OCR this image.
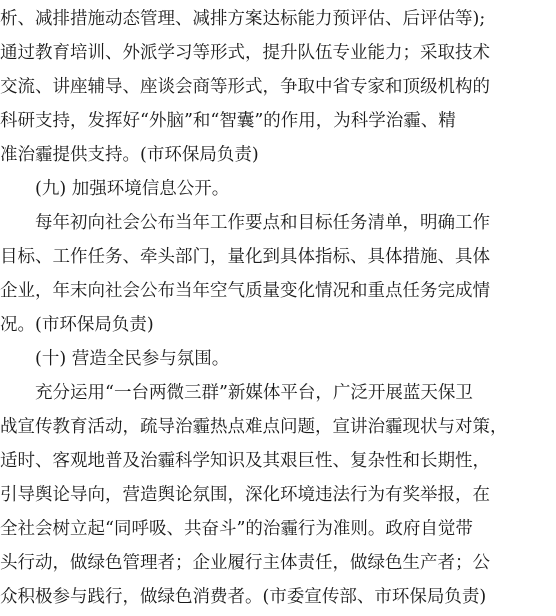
析、减排措施动态管理、减排方案达标能力预评估、后评估等);
通过教育培训、外派学习等形式，提升队伍专业能力；采取技术
交流、讲座辅导、座谈会商等形式，争取中省专家和顶级机构的
科研支持，发挥好“外脑”和“智囊”的作用，为科学治霾、精
准治霾提供支持。(市环保局负责)
(九) 加强环境信息公开。
每年初向社会公布当年工作要点和目标任务清单，明确工作
目标、工作任务、牵头部门，量化到具体指标、具体措施、具体
企业，年末向社会公布当年空气质量变化情况和重点任务完成情
况。(市环保局负责)
(十) 营造全民参与氛围。
充分运用“一台两微三群”新媒体平台，广泛开展蓝天保卫
战宣传教育活动，疏导治霾热点难点问题，宣讲治霾现状与对策，
适时、客观地普及治霾科学知识及其艰巨性、复杂性和长期性，
引导舆论导向，营造舆论氛围，深化环境违法行为有奖举报，在
全社会树立起“同呼吸、共奋斗”的治霾行为准则。政府自觉带
头行动，做绿色管理者；企业履行主体责任，做绿色生产者；公
众积极参与践行，做绿色消费者。(市委宣传部、市环保局负责)
